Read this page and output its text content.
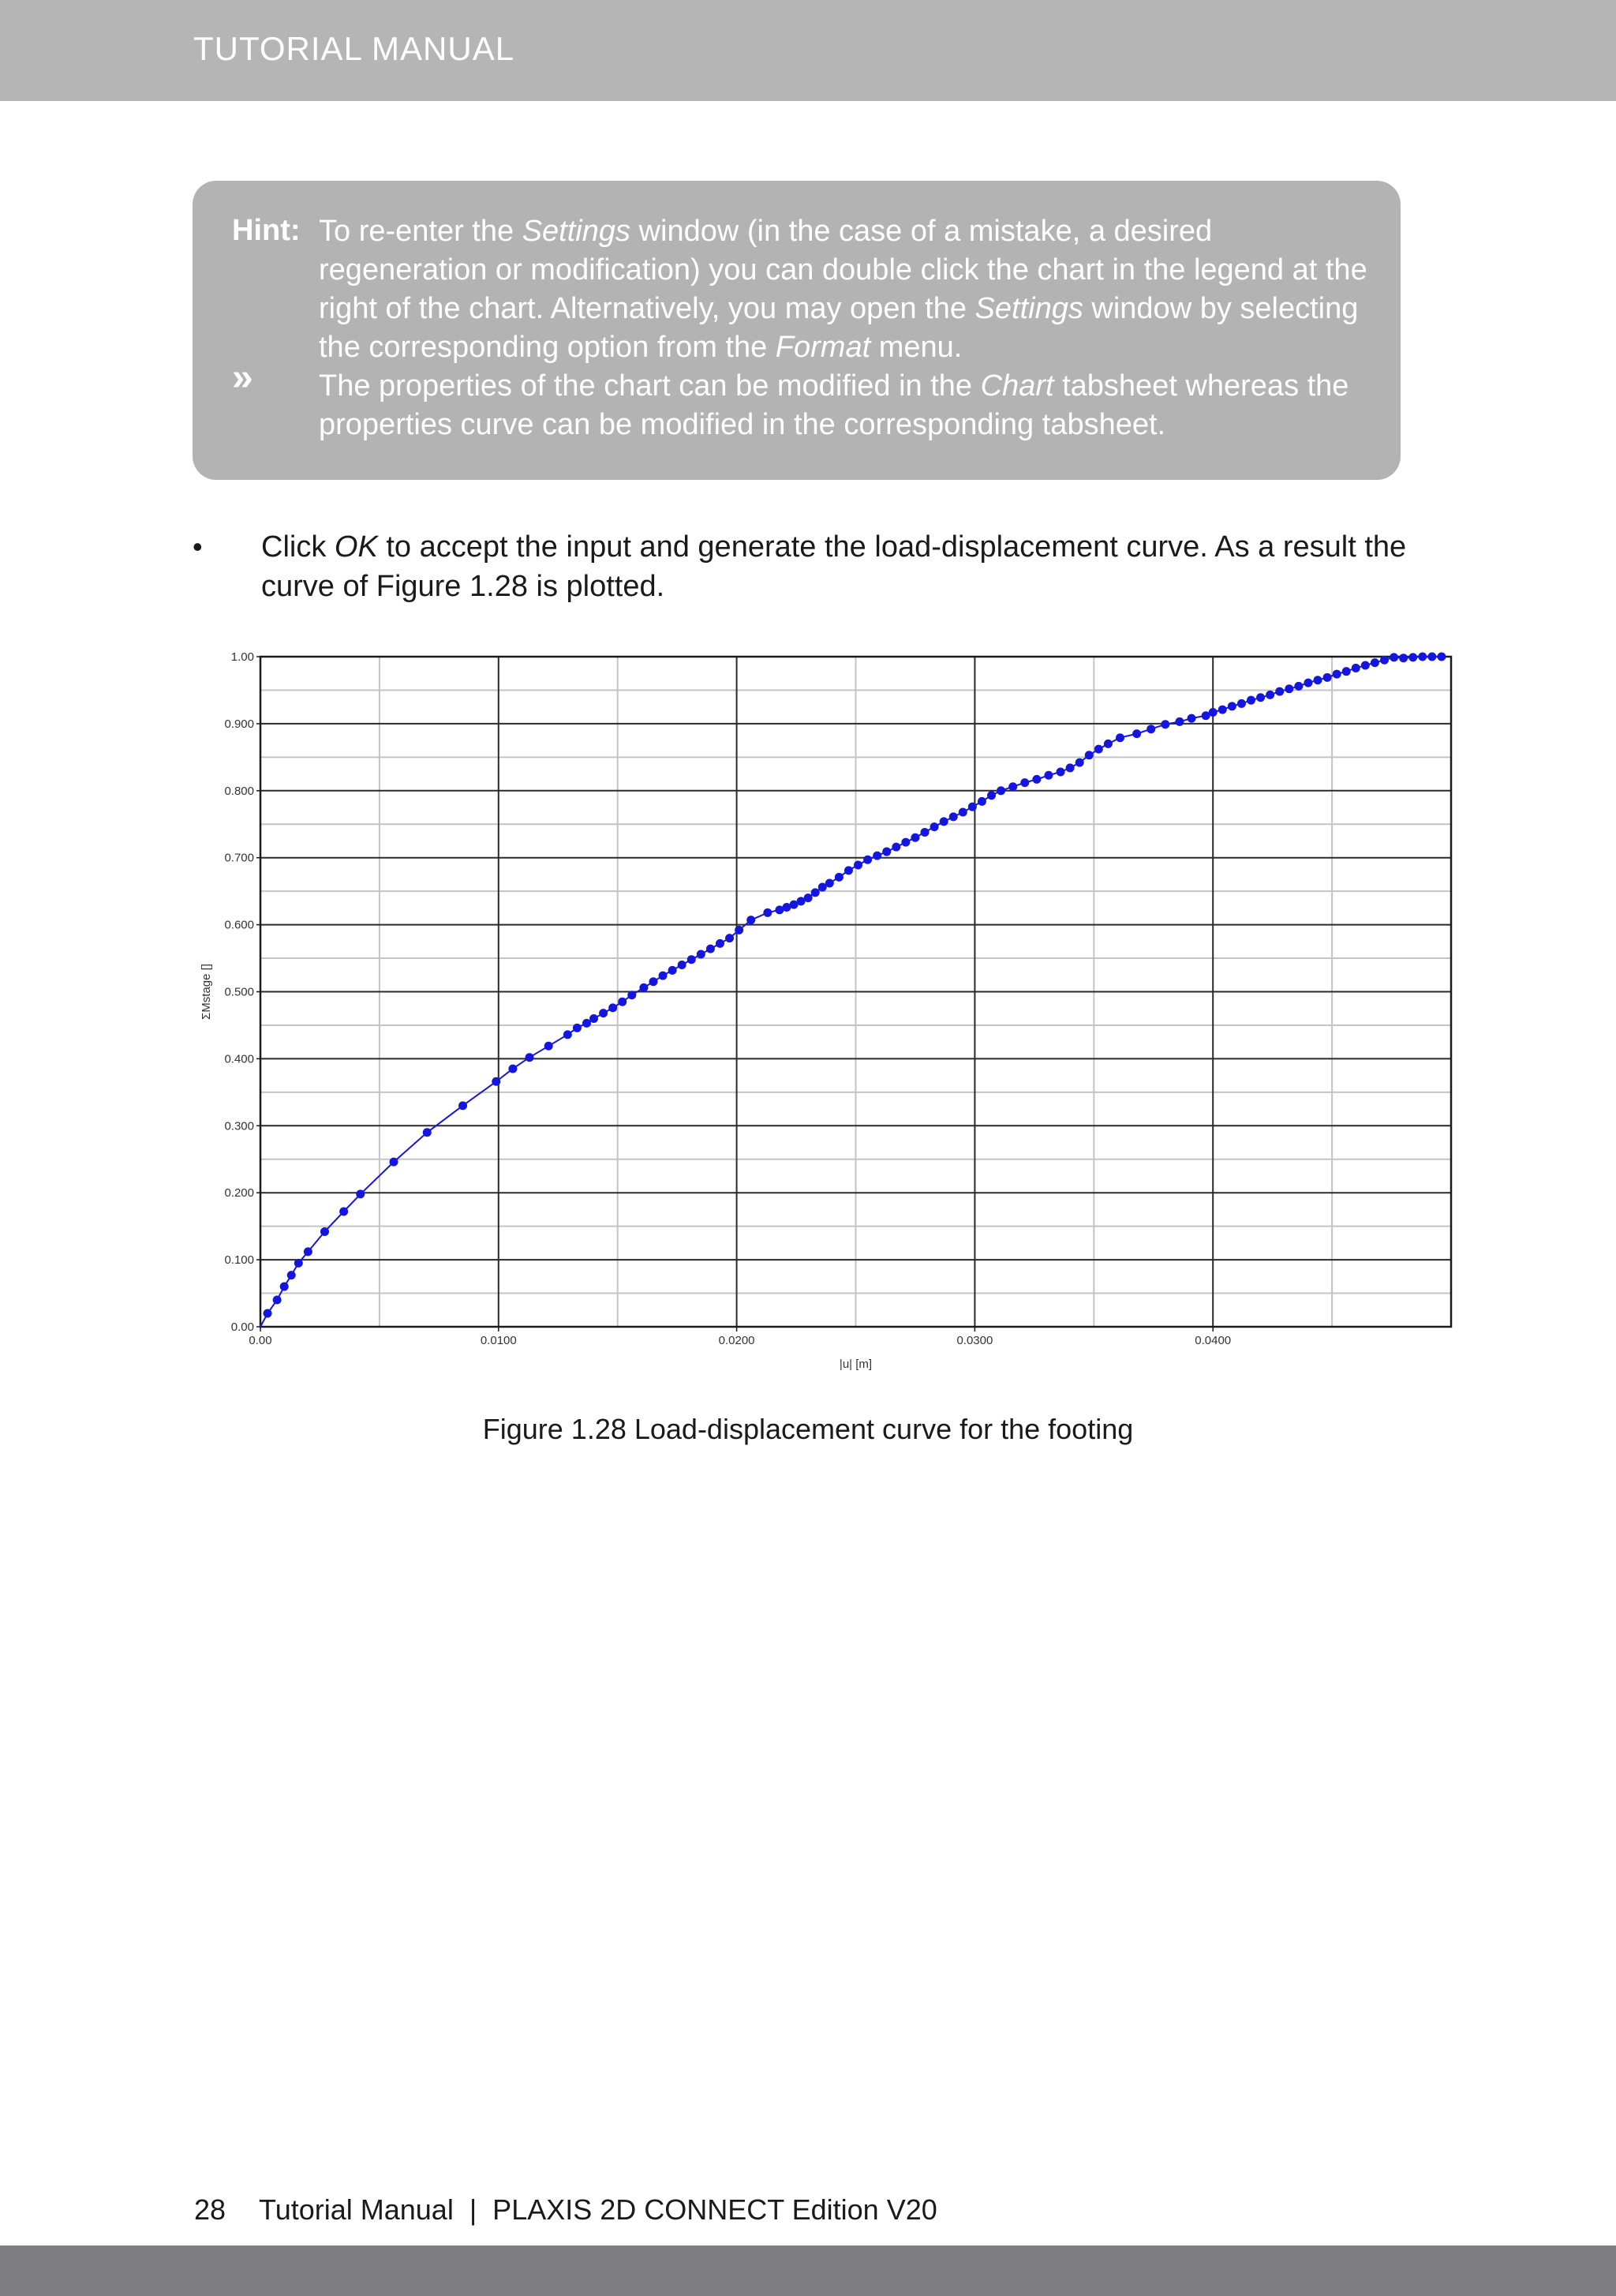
TUTORIAL MANUAL
Hint:
»

To re-enter the Settings window (in the case of a mistake, a desired regeneration or modification) you can double click the chart in the legend at the right of the chart. Alternatively, you may open the Settings window by selecting the corresponding option from the Format menu.

The properties of the chart can be modified in the Chart tabsheet whereas the properties curve can be modified in the corresponding tabsheet.

• Click OK to accept the input and generate the load-displacement curve. As a result the curve of Figure 1.28 is plotted.
0.00	0.0100	0.0200	0.0300	0.0400
0.00
0.100
0.200
0.300
0.400
0.500
0.600
0.700
0.800
0.900
1.00
|u| [m]
ΣMstage []
Figure 1.28 Load-displacement curve for the footing
28 Tutorial Manual  |  PLAXIS 2D CONNECT Edition V20
